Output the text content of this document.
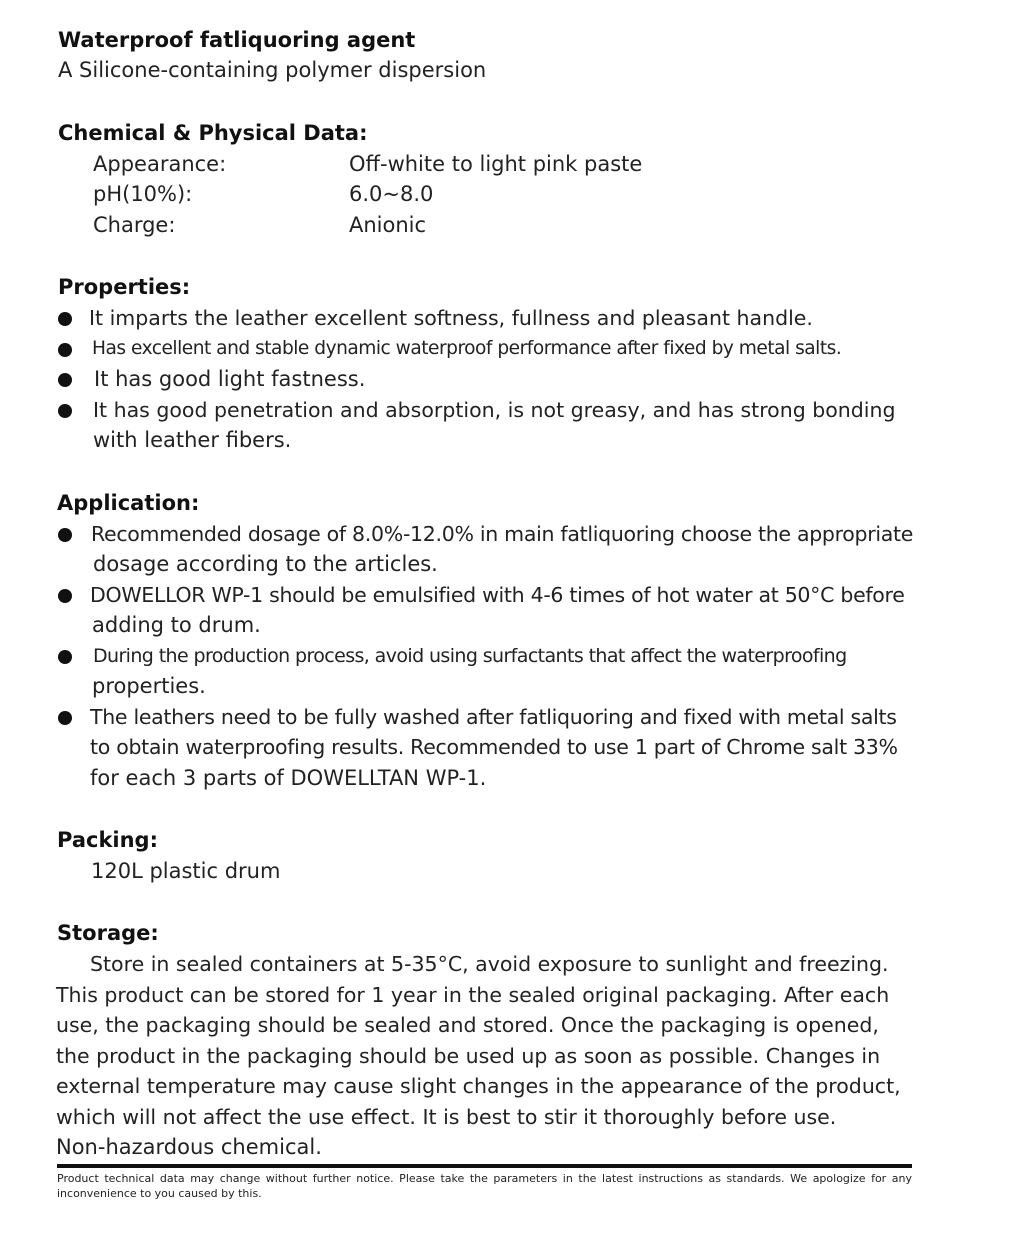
Waterproof fatliquoring agent
A Silicone-containing polymer dispersion
Chemical & Physical Data:
Appearance:	Off-white to light pink paste
pH(10%):	6.0~8.0
Charge:	Anionic
Properties:
It imparts the leather excellent softness, fullness and pleasant handle.
Has excellent and stable dynamic waterproof performance after fixed by metal salts.
It has good light fastness.
It has good penetration and absorption, is not greasy, and has strong bonding
with leather fibers.
Application:
Recommended dosage of 8.0%-12.0% in main fatliquoring choose the appropriate
dosage according to the articles.
DOWELLOR WP-1 should be emulsified with 4-6 times of hot water at 50°C before
adding to drum.
During the production process, avoid using surfactants that affect the waterproofing
properties.
The leathers need to be fully washed after fatliquoring and fixed with metal salts
to obtain waterproofing results. Recommended to use 1 part of Chrome salt 33%
for each 3 parts of DOWELLTAN WP-1.
Packing:
120L plastic drum
Storage:
Store in sealed containers at 5-35°C, avoid exposure to sunlight and freezing.
This product can be stored for 1 year in the sealed original packaging. After each
use, the packaging should be sealed and stored. Once the packaging is opened,
the product in the packaging should be used up as soon as possible. Changes in
external temperature may cause slight changes in the appearance of the product,
which will not affect the use effect. It is best to stir it thoroughly before use.
Non-hazardous chemical.
Product technical data may change without further notice. Please take the parameters in the latest instructions as standards. We apologize for any inconvenience to you caused by this.
